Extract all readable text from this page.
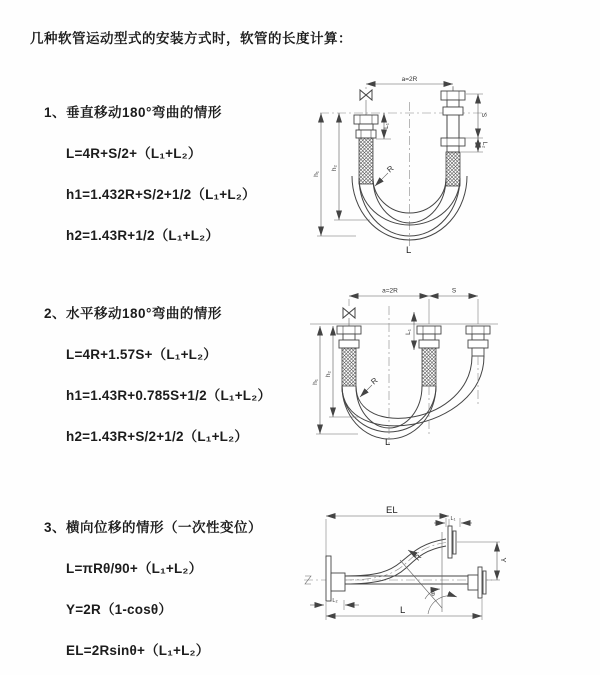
几种软管运动型式的安装方式时，软管的长度计算：
1、垂直移动180°弯曲的情形
L=4R+S/2+（L₁+L₂）
h1=1.432R+S/2+1/2（L₁+L₂）
h2=1.43R+1/2（L₁+L₂）
a=2R
h₁
h₂
L₁
S
L₂
R
L
2、水平移动180°弯曲的情形
L=4R+1.57S+（L₁+L₂）
h1=1.43R+0.785S+1/2（L₁+L₂）
h2=1.43R+S/2+1/2（L₁+L₂）
a=2R	S
h₁
h₂
L₁
R
L
3、横向位移的情形（一次性变位）
L=πRθ/90+（L₁+L₂）
Y=2R（1-cosθ）
EL=2Rsinθ+（L₁+L₂）
EL
L₁
Y
θ
R
L₂
L
